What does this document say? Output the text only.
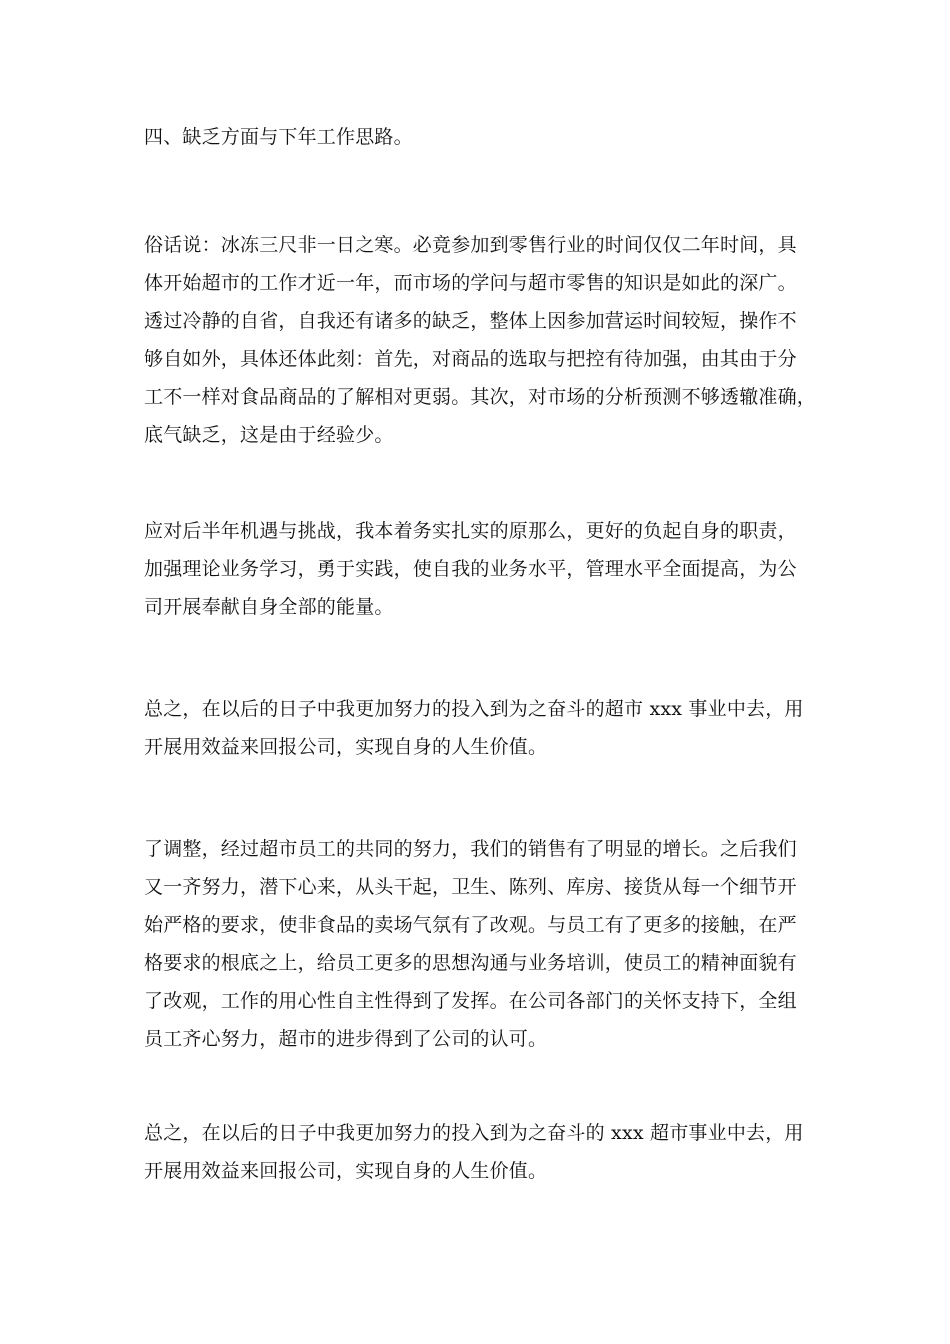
四、缺乏方面与下年工作思路。

俗话说：冰冻三尺非一日之寒。必竟参加到零售行业的时间仅仅二年时间，具
体开始超市的工作才近一年，而市场的学问与超市零售的知识是如此的深广。
透过冷静的自省，自我还有诸多的缺乏，整体上因参加营运时间较短，操作不
够自如外，具体还体此刻：首先，对商品的选取与把控有待加强，由其由于分
工不一样对食品商品的了解相对更弱。其次，对市场的分析预测不够透辙准确，
底气缺乏，这是由于经验少。

应对后半年机遇与挑战，我本着务实扎实的原那么，更好的负起自身的职责，
加强理论业务学习，勇于实践，使自我的业务水平，管理水平全面提高，为公
司开展奉献自身全部的能量。

总之，在以后的日子中我更加努力的投入到为之奋斗的超市 xxx 事业中去，用
开展用效益来回报公司，实现自身的人生价值。

了调整，经过超市员工的共同的努力，我们的销售有了明显的增长。之后我们
又一齐努力，潜下心来，从头干起，卫生、陈列、库房、接货从每一个细节开
始严格的要求，使非食品的卖场气氛有了改观。与员工有了更多的接触，在严
格要求的根底之上，给员工更多的思想沟通与业务培训，使员工的精神面貌有
了改观，工作的用心性自主性得到了发挥。在公司各部门的关怀支持下，全组
员工齐心努力，超市的进步得到了公司的认可。

总之，在以后的日子中我更加努力的投入到为之奋斗的 xxx 超市事业中去，用
开展用效益来回报公司，实现自身的人生价值。
